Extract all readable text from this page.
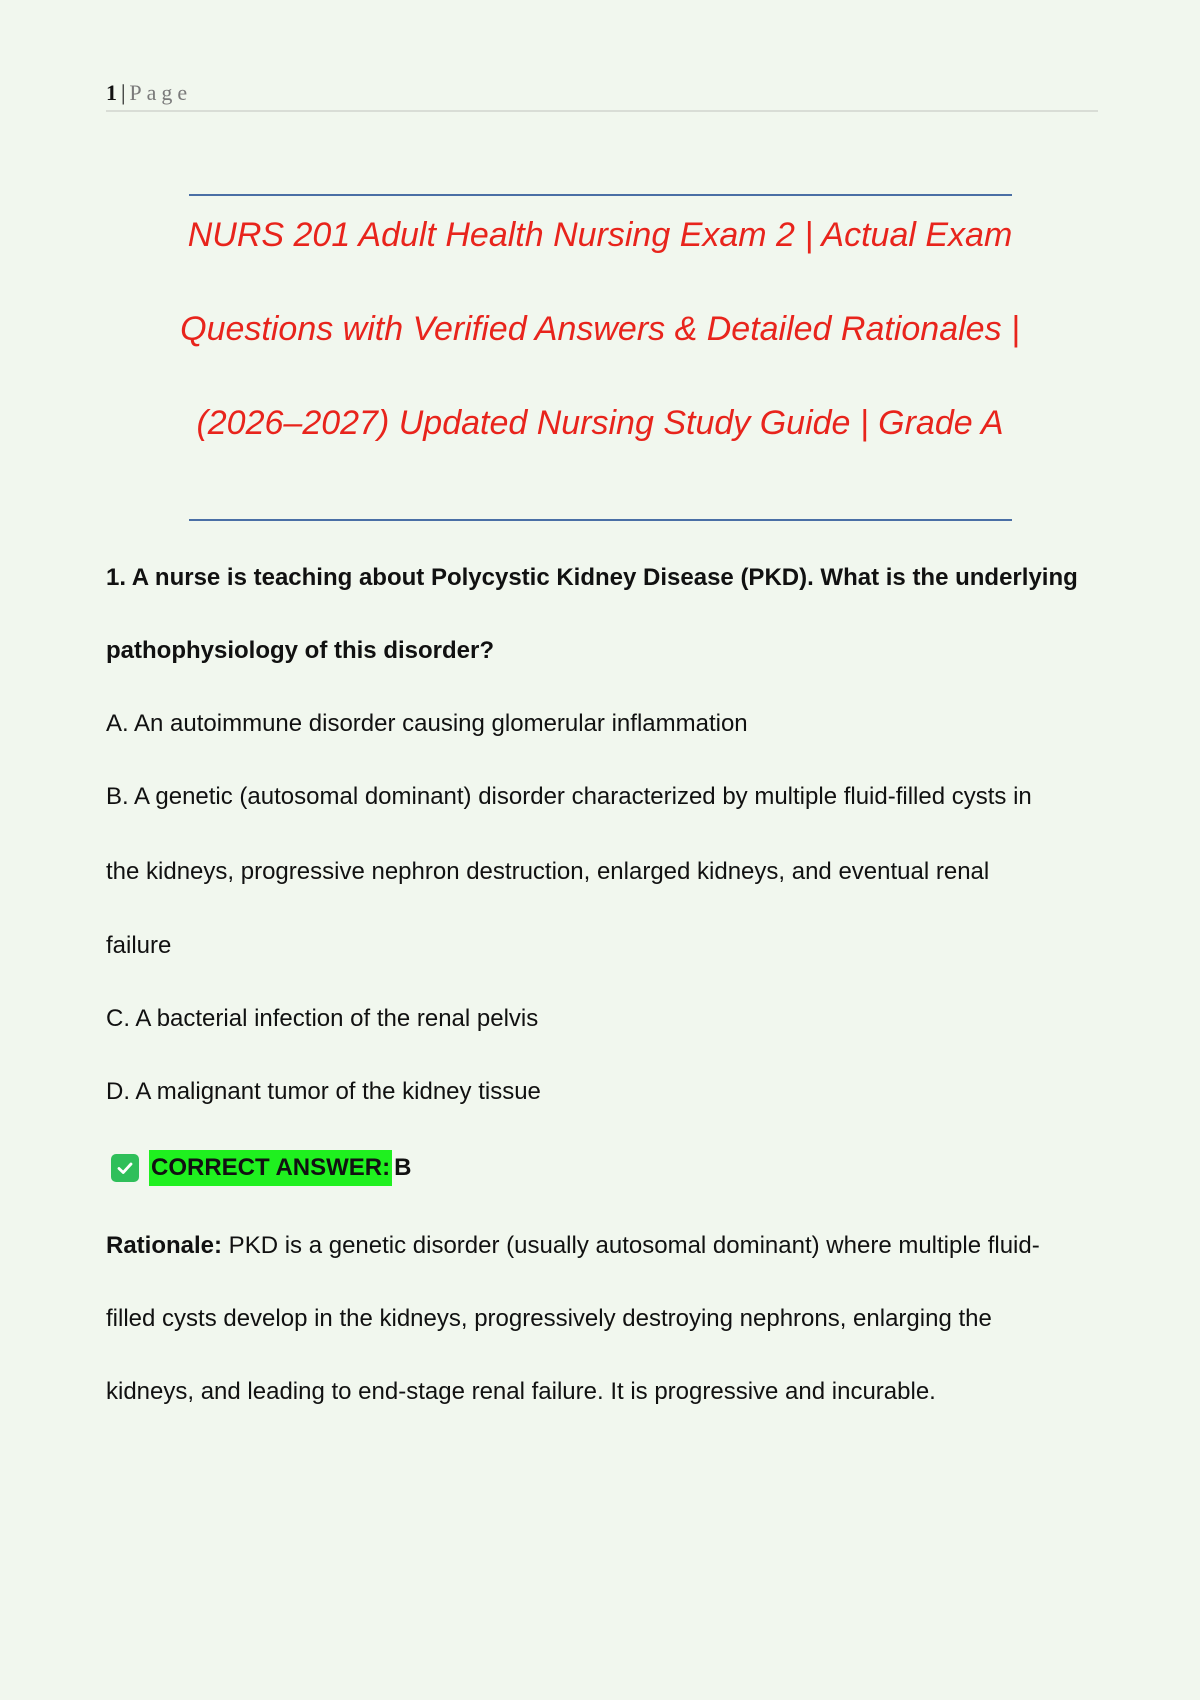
1 | Page
NURS 201 Adult Health Nursing Exam 2 | Actual Exam
Questions with Verified Answers & Detailed Rationales |
(2026–2027) Updated Nursing Study Guide | Grade A
1. A nurse is teaching about Polycystic Kidney Disease (PKD). What is the underlying
pathophysiology of this disorder?
A. An autoimmune disorder causing glomerular inflammation
B. A genetic (autosomal dominant) disorder characterized by multiple fluid-filled cysts in
the kidneys, progressive nephron destruction, enlarged kidneys, and eventual renal
failure
C. A bacterial infection of the renal pelvis
D. A malignant tumor of the kidney tissue
CORRECT ANSWER: B
Rationale: PKD is a genetic disorder (usually autosomal dominant) where multiple fluid-
filled cysts develop in the kidneys, progressively destroying nephrons, enlarging the
kidneys, and leading to end-stage renal failure. It is progressive and incurable.
